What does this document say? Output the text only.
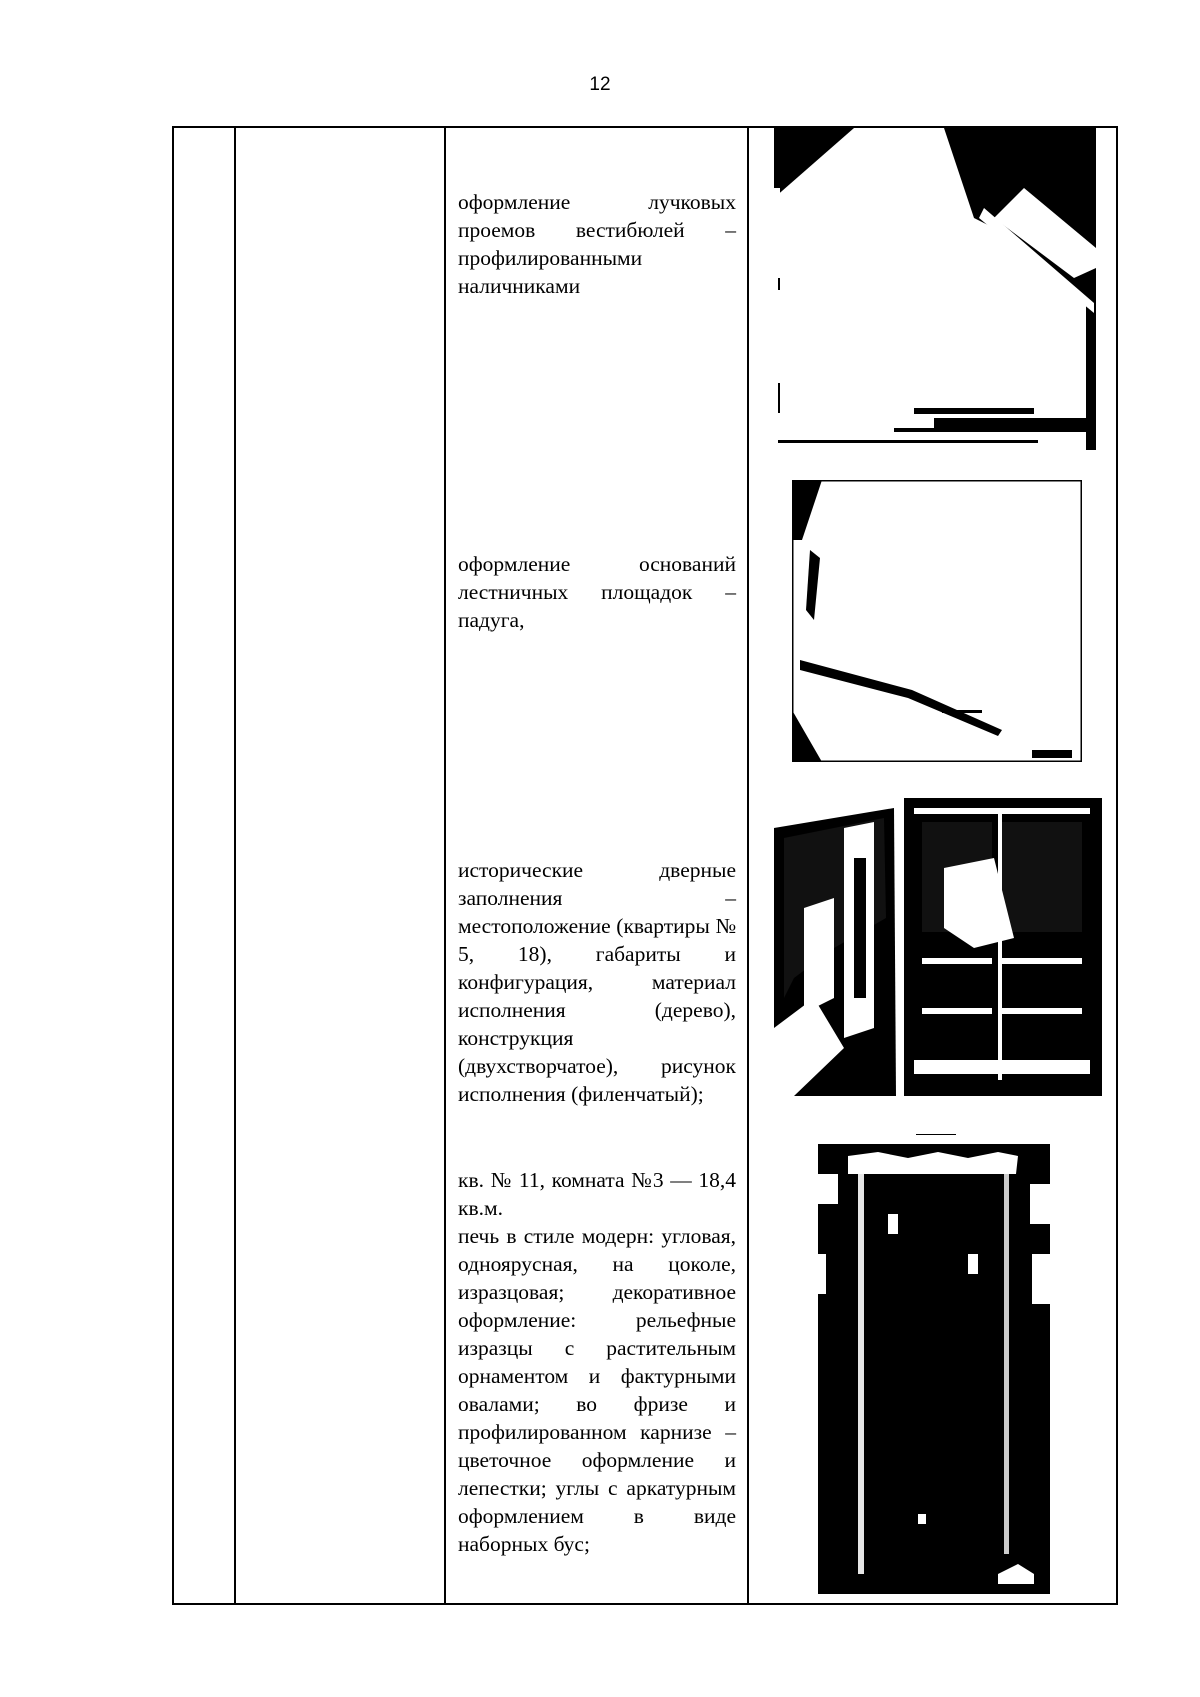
12
оформление лучковых проемов вестибюлей – профилированными наличниками
оформление оснований лестничных площадок – падуга,
исторические дверные заполнения – местоположение (квартиры № 5, 18), габариты и конфигурация, материал исполнения (дерево), конструкция (двухстворчатое), рисунок исполнения (филенчатый);
кв. № 11, комната №3 — 18,4 кв.м.
печь в стиле модерн: угловая, одноярусная, на цоколе, изразцовая; декоративное оформление: рельефные изразцы с растительным орнаментом и фактурными овалами; во фризе и профилированном карнизе – цветочное оформление и лепестки; углы с аркатурным оформлением в виде наборных бус;
